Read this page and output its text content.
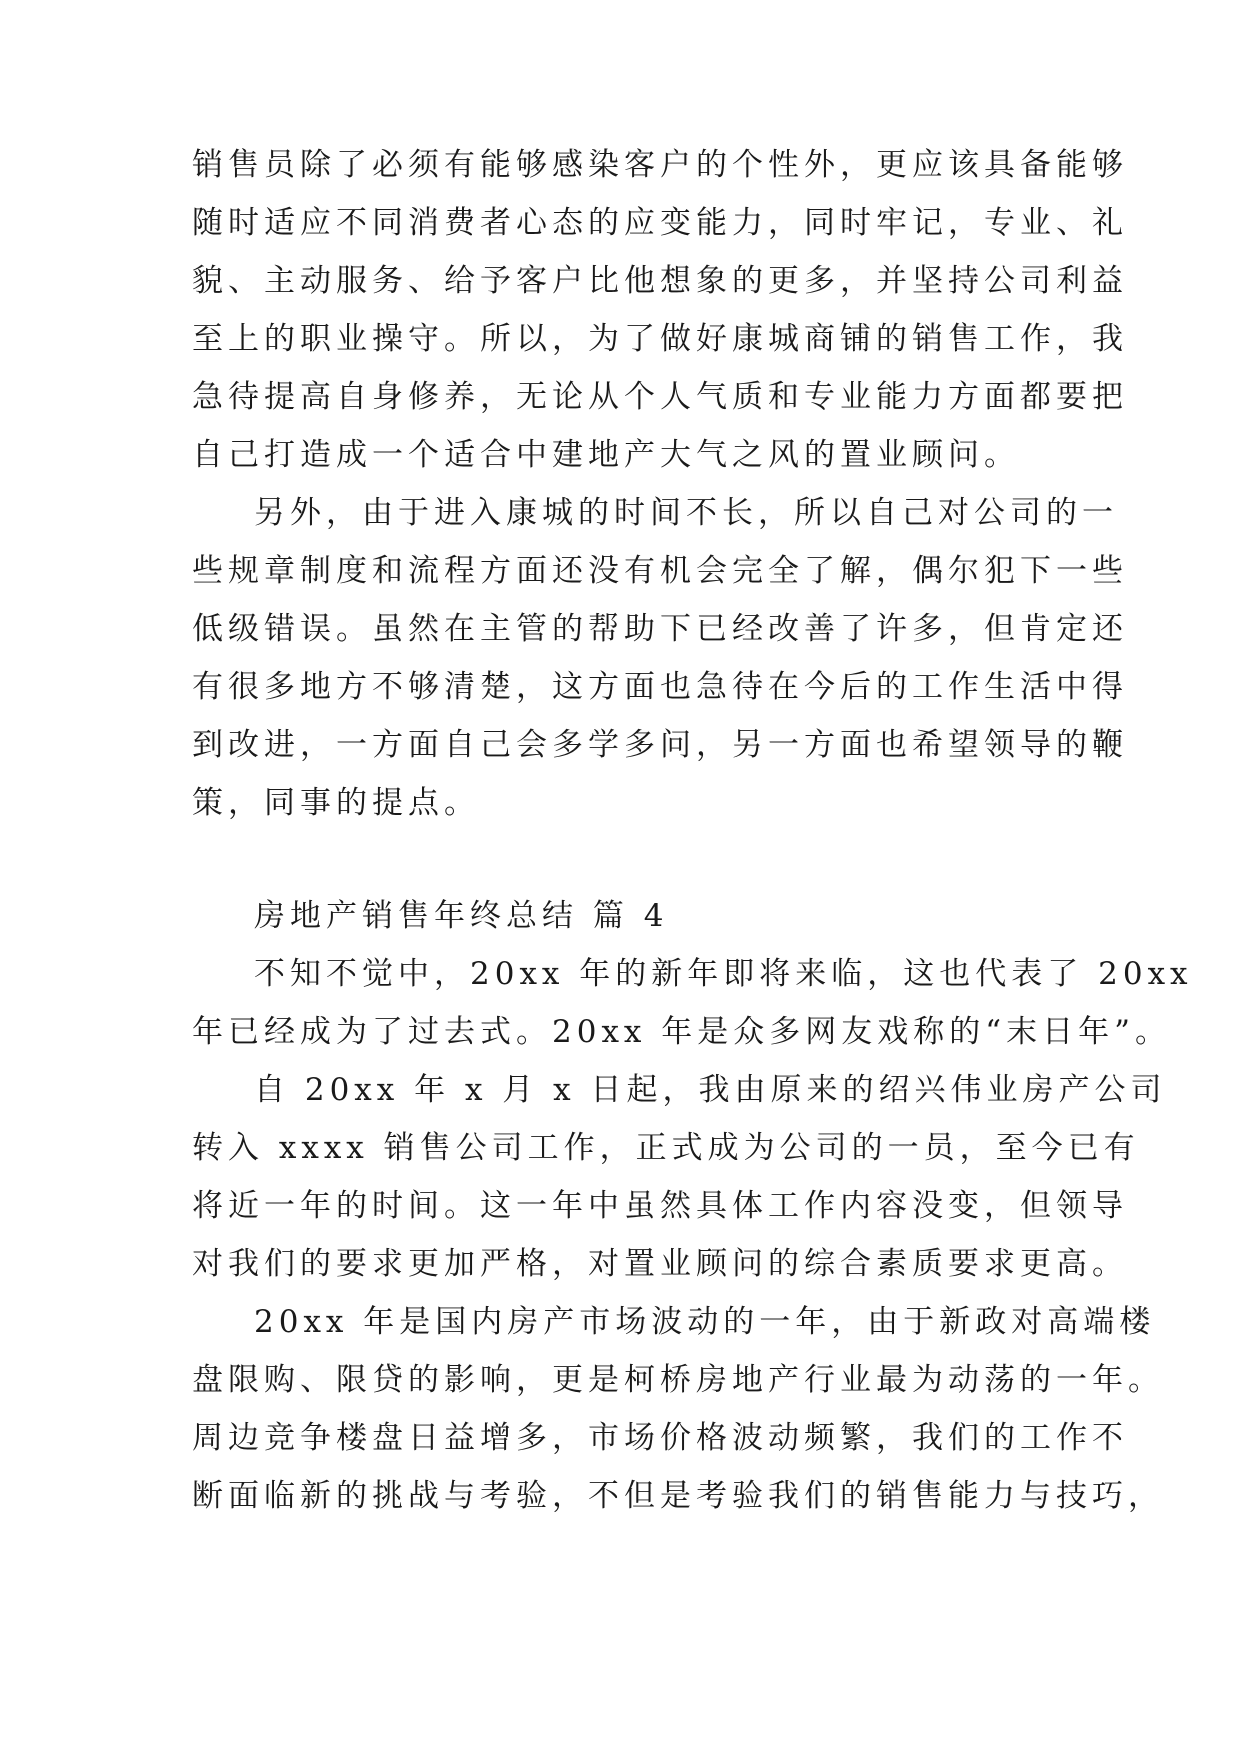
销售员除了必须有能够感染客户的个性外，更应该具备能够
随时适应不同消费者心态的应变能力，同时牢记，专业、礼
貌、主动服务、给予客户比他想象的更多，并坚持公司利益
至上的职业操守。所以，为了做好康城商铺的销售工作，我
急待提高自身修养，无论从个人气质和专业能力方面都要把
自己打造成一个适合中建地产大气之风的置业顾问。
另外，由于进入康城的时间不长，所以自己对公司的一
些规章制度和流程方面还没有机会完全了解，偶尔犯下一些
低级错误。虽然在主管的帮助下已经改善了许多，但肯定还
有很多地方不够清楚，这方面也急待在今后的工作生活中得
到改进，一方面自己会多学多问，另一方面也希望领导的鞭
策，同事的提点。
房地产销售年终总结 篇 4
不知不觉中，20xx 年的新年即将来临，这也代表了 20xx
年已经成为了过去式。20xx 年是众多网友戏称的“末日年”。
自 20xx 年 x 月 x 日起，我由原来的绍兴伟业房产公司
转入 xxxx 销售公司工作，正式成为公司的一员，至今已有
将近一年的时间。这一年中虽然具体工作内容没变，但领导
对我们的要求更加严格，对置业顾问的综合素质要求更高。
20xx 年是国内房产市场波动的一年，由于新政对高端楼
盘限购、限贷的影响，更是柯桥房地产行业最为动荡的一年。
周边竞争楼盘日益增多，市场价格波动频繁，我们的工作不
断面临新的挑战与考验，不但是考验我们的销售能力与技巧，
